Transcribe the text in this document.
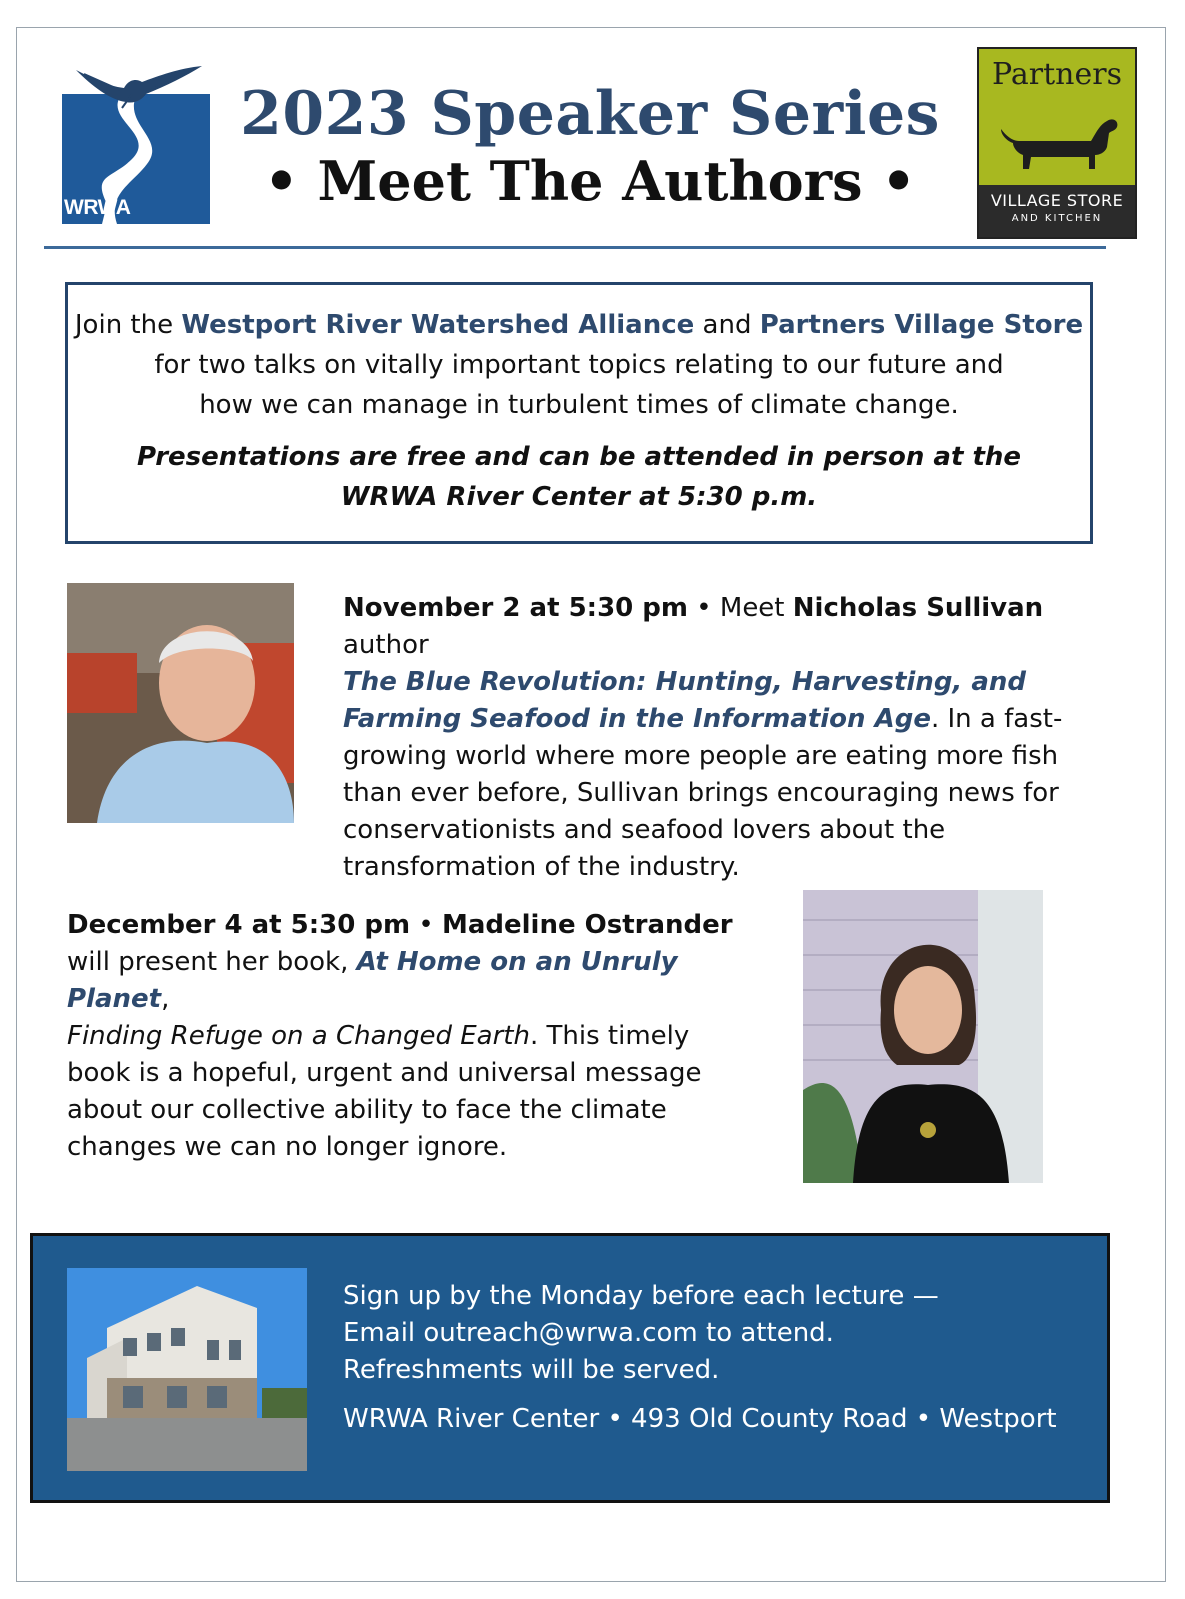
WRWA
2023 Speaker Series
• Meet The Authors •
Partners
VILLAGE STORE
AND KITCHEN
Join the Westport River Watershed Alliance and Partners Village Store
for two talks on vitally important topics relating to our future and
how we can manage in turbulent times of climate change.
Presentations are free and can be attended in person at the
WRWA River Center at 5:30 p.m.
November 2 at 5:30 pm • Meet Nicholas Sullivan author
The Blue Revolution: Hunting, Harvesting, and Farming Seafood in the Information Age. In a fast-growing world where more people are eating more fish than ever before, Sullivan brings encouraging news for conservationists and seafood lovers about the transformation of the industry.
December 4 at 5:30 pm • Madeline Ostrander will present her book, At Home on an Unruly Planet,
Finding Refuge on a Changed Earth. This timely book is a hopeful, urgent and universal message about our collective ability to face the climate changes we can no longer ignore.
Sign up by the Monday before each lecture —
Email outreach@wrwa.com to attend.
Refreshments will be served.
WRWA River Center • 493 Old County Road • Westport
